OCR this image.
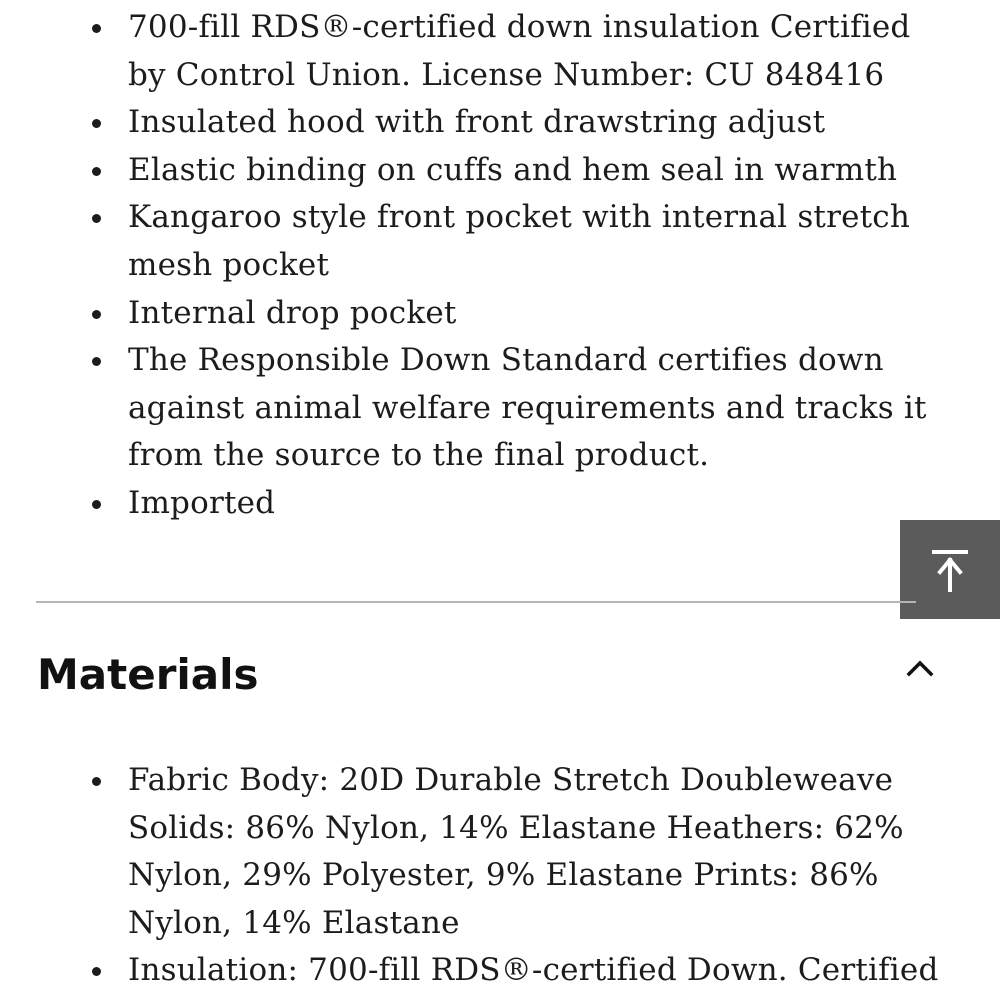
700-fill RDS®-certified down insulation Certified
by Control Union. License Number: CU 848416
Insulated hood with front drawstring adjust
Elastic binding on cuffs and hem seal in warmth
Kangaroo style front pocket with internal stretch
mesh pocket
Internal drop pocket
The Responsible Down Standard certifies down
against animal welfare requirements and tracks it
from the source to the final product.
Imported
Materials
Fabric Body: 20D Durable Stretch Doubleweave
Solids: 86% Nylon, 14% Elastane Heathers: 62%
Nylon, 29% Polyester, 9% Elastane Prints: 86%
Nylon, 14% Elastane
Insulation: 700-fill RDS®-certified Down. Certified
